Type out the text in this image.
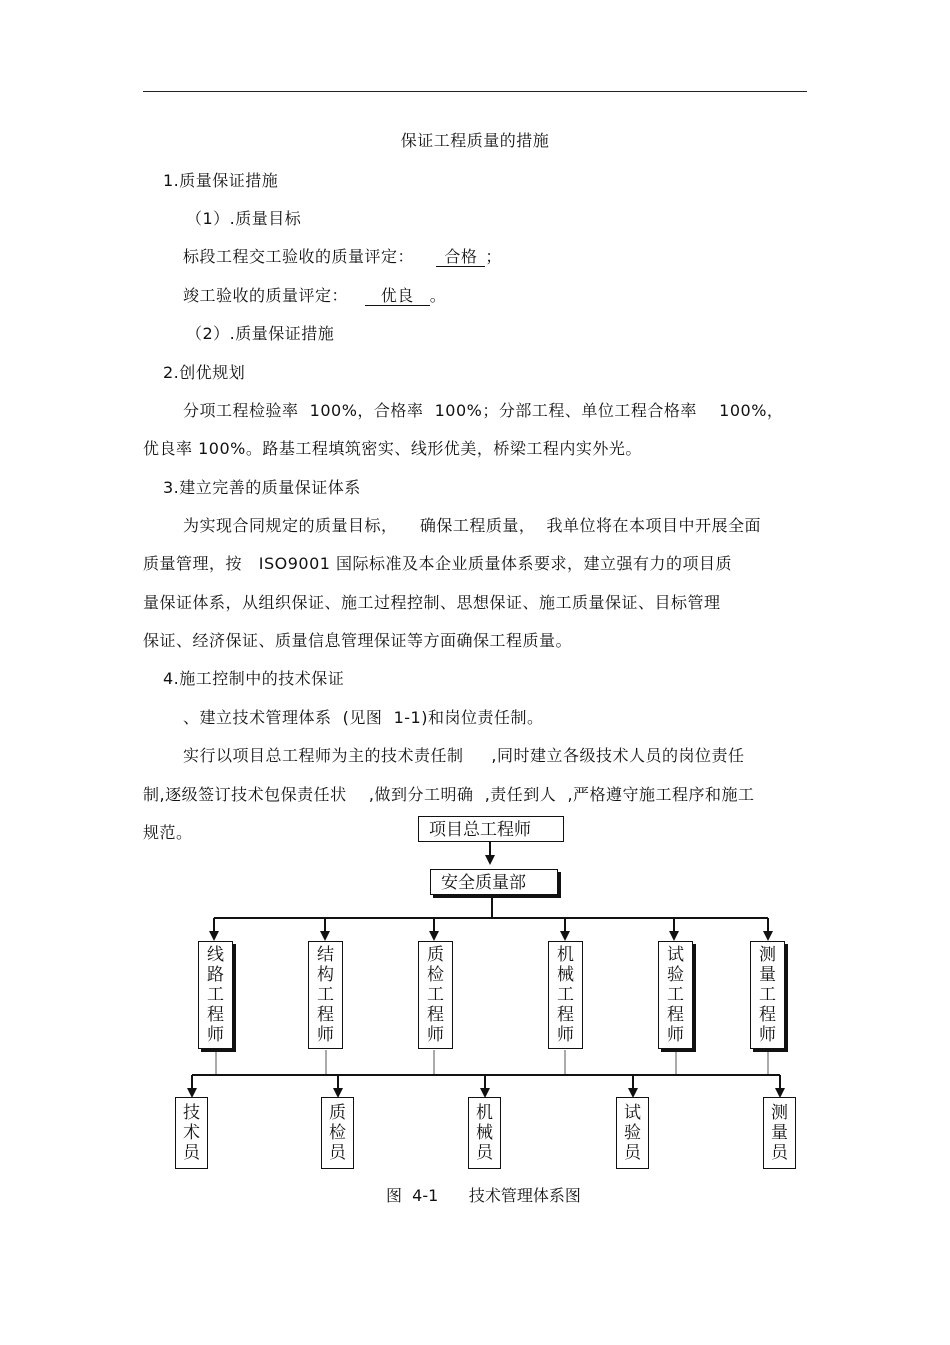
保证工程质量的措施
1.质量保证措施
（1）.质量目标
标段工程交工验收的质量评定： 合格 ；
竣工验收的质量评定： 优良 。
（2）.质量保证措施
2.创优规划
分项工程检验率  100%，合格率  100%；分部工程、单位工程合格率    100%，
优良率 100%。路基工程填筑密实、线形优美，桥梁工程内实外光。
3.建立完善的质量保证体系
为实现合同规定的质量目标，    确保工程质量，  我单位将在本项目中开展全面
质量管理，按   ISO9001 国际标准及本企业质量体系要求，建立强有力的项目质
量保证体系，从组织保证、施工过程控制、思想保证、施工质量保证、目标管理
保证、经济保证、质量信息管理保证等方面确保工程质量。
4.施工控制中的技术保证
、建立技术管理体系  (见图  1-1)和岗位责任制。
实行以项目总工程师为主的技术责任制     ,同时建立各级技术人员的岗位责任
制,逐级签订技术包保责任状    ,做到分工明确  ,责任到人  ,严格遵守施工程序和施工
规范。	项目总工程师
安全质量部
线
路
工
程
师
结
构
工
程
师
质
检
工
程
师
机
械
工
程
师
试
验
工
程
师
测
量
工
程
师
技
术
员
质
检
员
机
械
员
试
验
员
测
量
员
图  4-1      技术管理体系图
